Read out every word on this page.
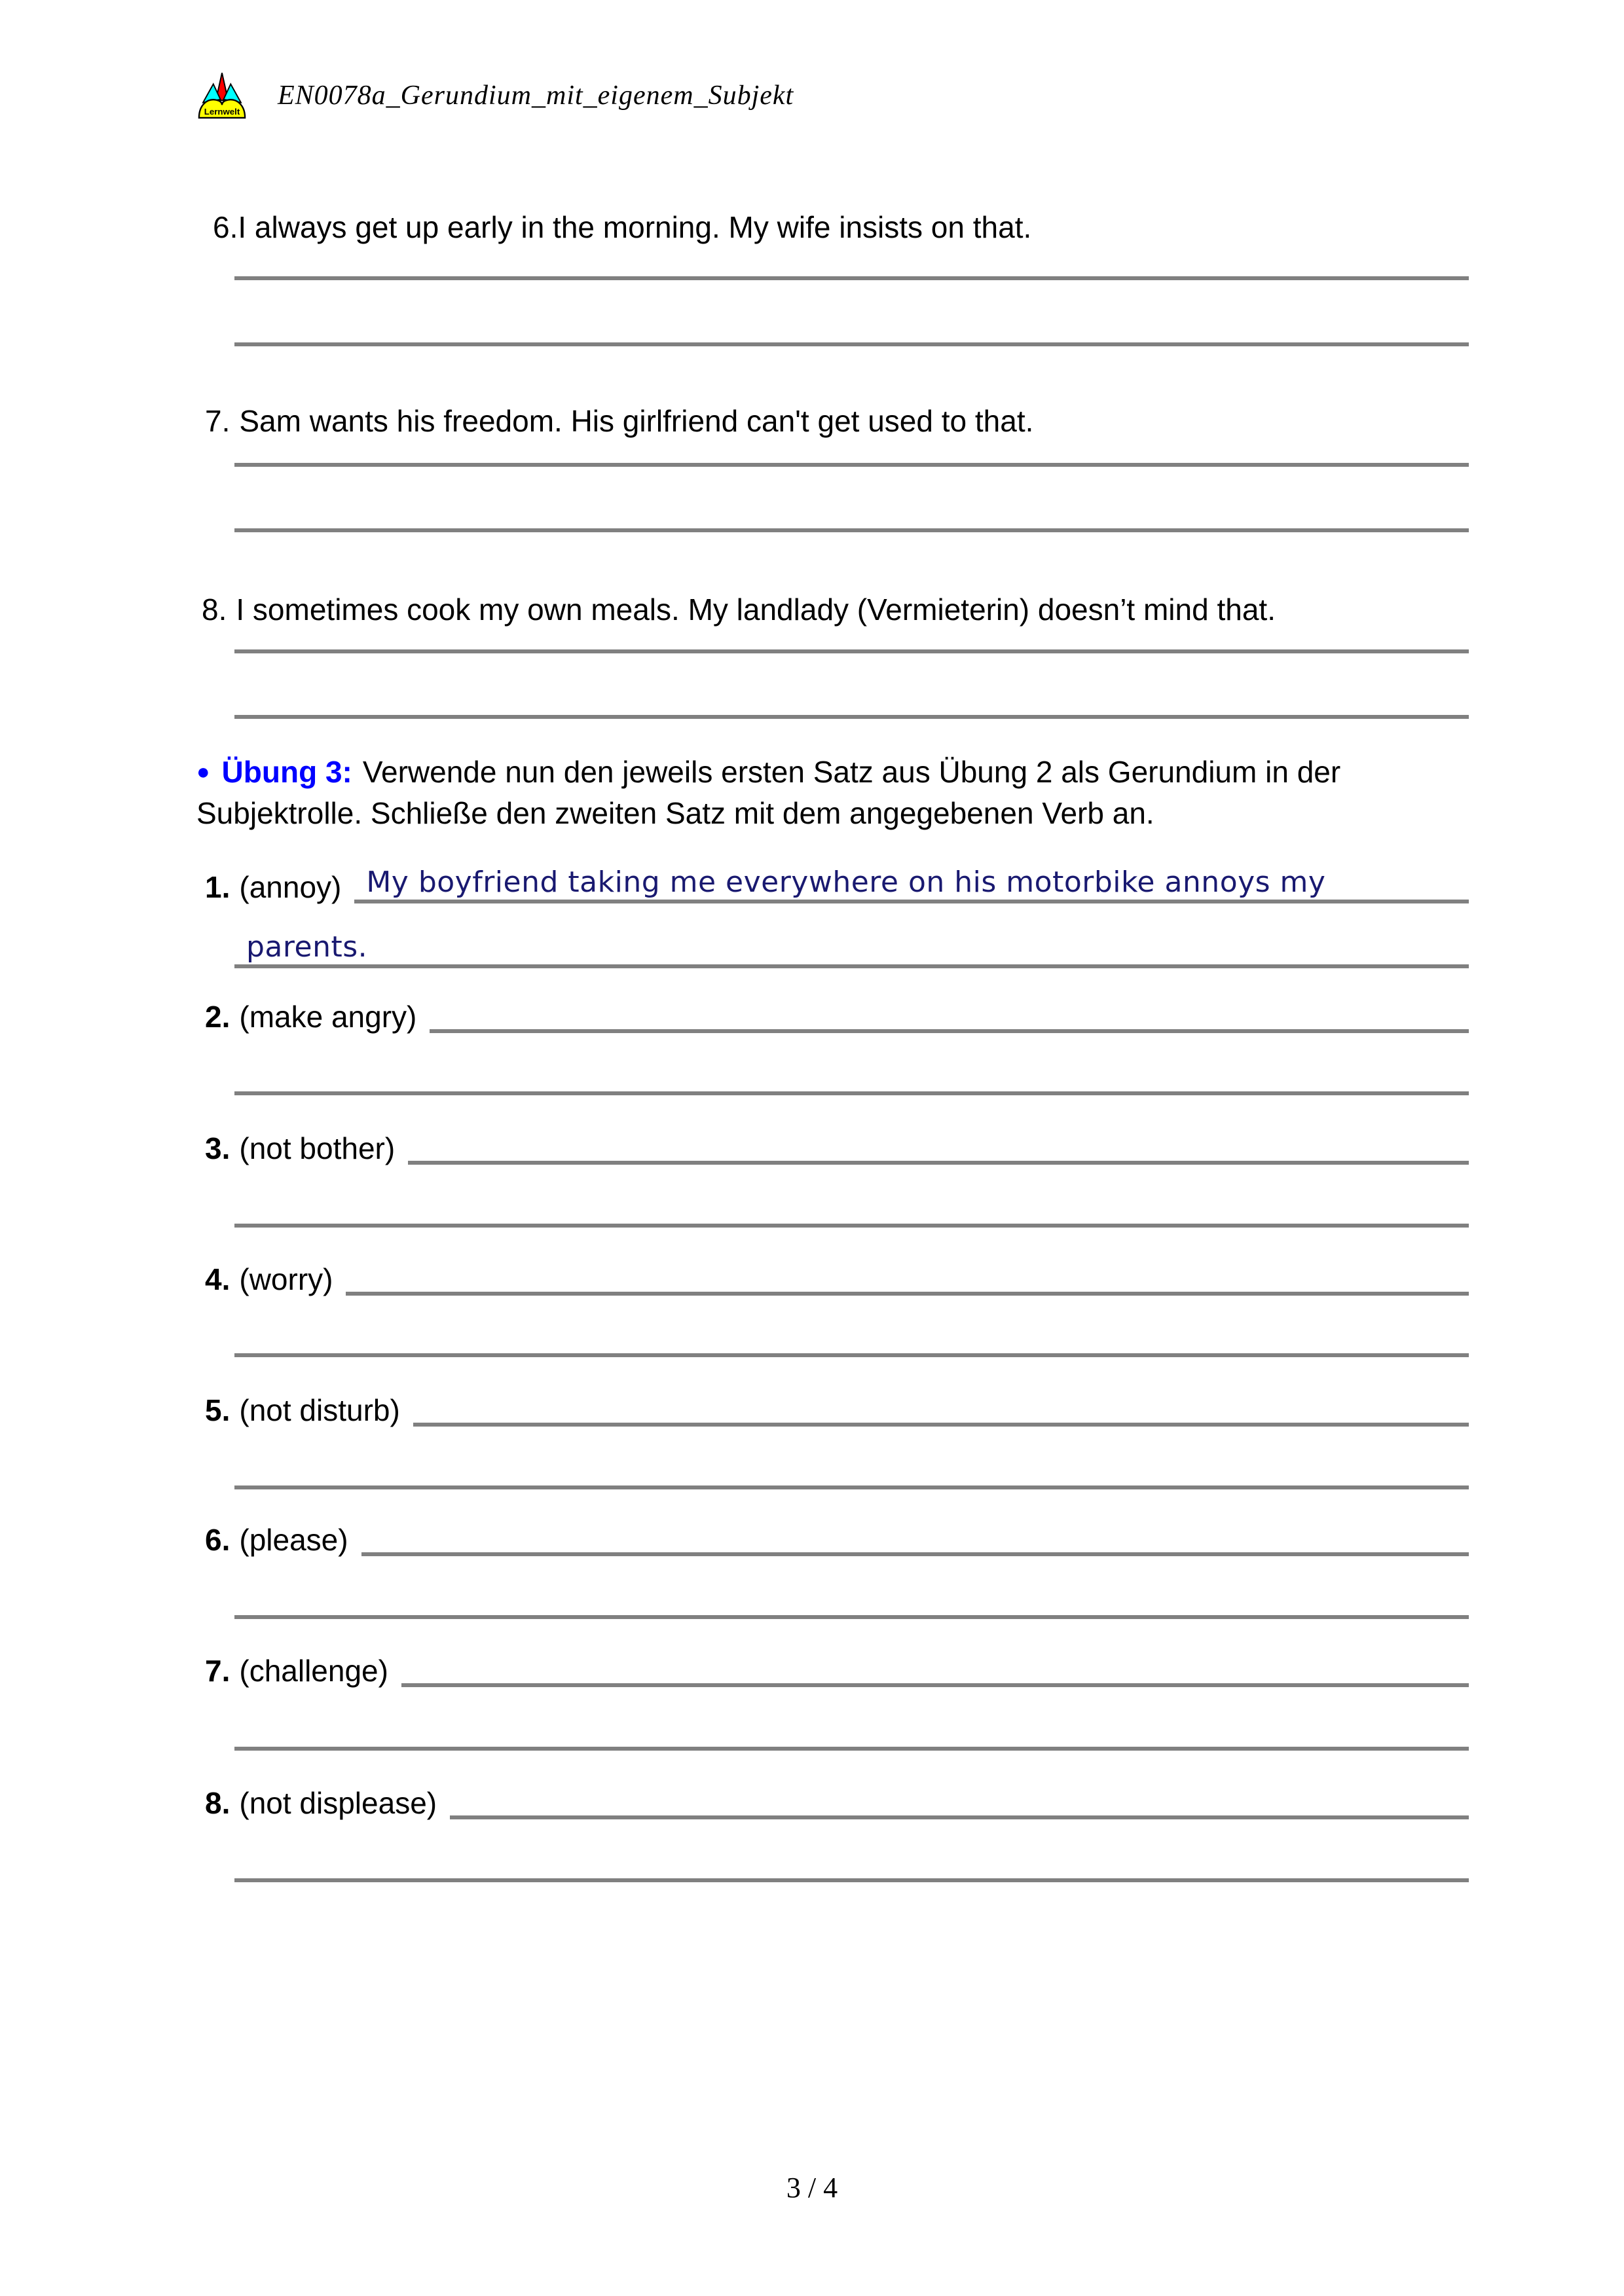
Lernwelt
EN0078a_Gerundium_mit_eigenem_Subjekt

6.I always get up early in the morning. My wife insists on that.

7. Sam wants his freedom. His girlfriend can't get used to that.

8. I sometimes cook my own meals. My landlady (Vermieterin) doesn’t mind that.

● Übung 3: Verwende nun den jeweils ersten Satz aus Übung 2 als Gerundium in der Subjektrolle. Schließe den zweiten Satz mit dem angegebenen Verb an.
1. (annoy) My boyfriend taking me everywhere on his motorbike annoys my
parents.
2. (make angry)
3. (not bother)
4. (worry)
5. (not disturb)
6. (please)
7. (challenge)
8. (not displease)
3 / 4
